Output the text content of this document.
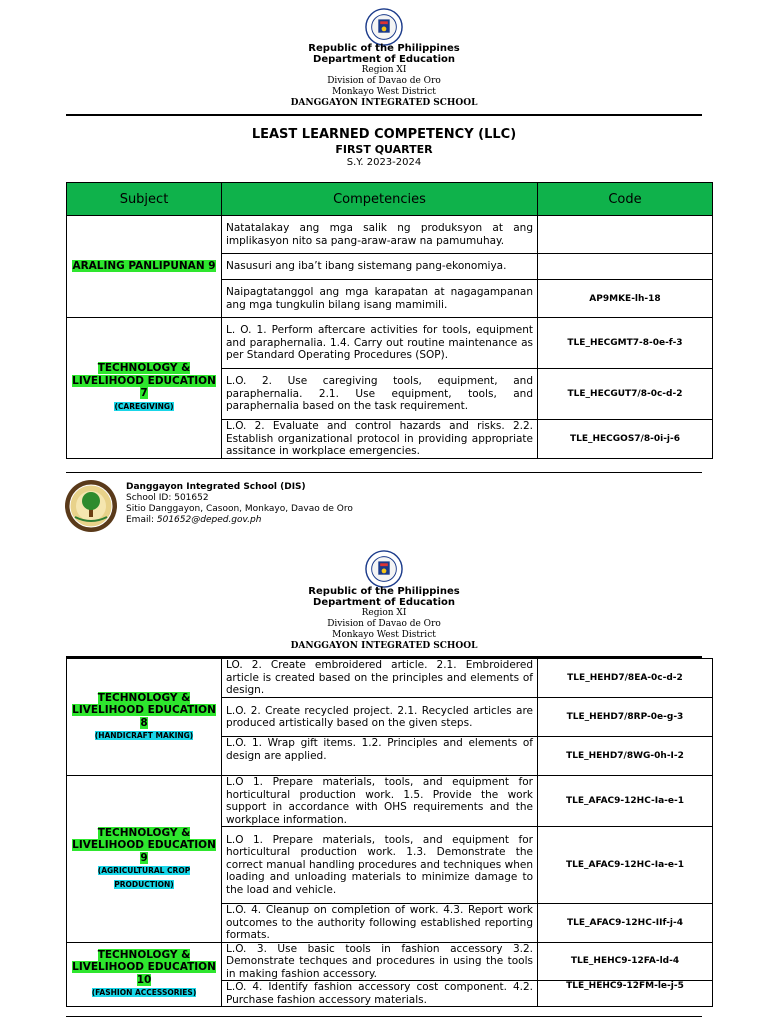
Republic of the Philippines
Department of Education
Region XI
Division of Davao de Oro
Monkayo West District
DANGGAYON INTEGRATED SCHOOL
LEAST LEARNED COMPETENCY (LLC)
FIRST QUARTER
S.Y. 2023-2024
Subject	Competencies	Code
ARALING PANLIPUNAN 9	Natatalakay ang mga salik ng produksyon at ang implikasyon nito sa pang-araw-araw na pamumuhay.	
	Nasusuri ang iba’t ibang sistemang pang-ekonomiya.	
	Naipagtatanggol ang mga karapatan at nagagampanan ang mga tungkulin bilang isang mamimili.	AP9MKE-lh-18
TECHNOLOGY & LIVELIHOOD EDUCATION 7
(CAREGIVING)	L. O. 1. Perform aftercare activities for tools, equipment and paraphernalia. 1.4. Carry out routine maintenance as per Standard Operating Procedures (SOP).	TLE_HECGMT7-8-0e-f-3
	L.O. 2. Use caregiving tools, equipment, and paraphernalia. 2.1. Use equipment, tools, and paraphernalia based on the task requirement.	TLE_HECGUT7/8-0c-d-2
	L.O. 2. Evaluate and control hazards and risks. 2.2. Establish organizational protocol in providing appropriate assitance in workplace emergencies.	TLE_HECGOS7/8-0i-j-6
Danggayon Integrated School (DIS)
School ID: 501652
Sitio Danggayon, Casoon, Monkayo, Davao de Oro
Email: 501652@deped.gov.ph
Republic of the Philippines
Department of Education
Region XI
Division of Davao de Oro
Monkayo West District
DANGGAYON INTEGRATED SCHOOL
TECHNOLOGY & LIVELIHOOD EDUCATION 8
(HANDICRAFT MAKING)	LO. 2. Create embroidered article. 2.1. Embroidered article is created based on the principles and elements of design.	TLE_HEHD7/8EA-0c-d-2
	L.O. 2. Create recycled project. 2.1. Recycled articles are produced artistically based on the given steps.	TLE_HEHD7/8RP-0e-g-3
	L.O. 1. Wrap gift items. 1.2. Principles and elements of design are applied.	TLE_HEHD7/8WG-0h-I-2
TECHNOLOGY & LIVELIHOOD EDUCATION 9
(AGRICULTURAL CROP PRODUCTION)	L.O 1. Prepare materials, tools, and equipment for horticultural production work. 1.5. Provide the work support in accordance with OHS requirements and the workplace information.	TLE_AFAC9-12HC-Ia-e-1
	L.O 1. Prepare materials, tools, and equipment for horticultural production work. 1.3. Demonstrate the correct manual handling procedures and techniques when loading and unloading materials to minimize damage to the load and vehicle.	TLE_AFAC9-12HC-Ia-e-1
	L.O. 4. Cleanup on completion of work. 4.3. Report work outcomes to the authority following established reporting formats.	TLE_AFAC9-12HC-IIf-j-4
TECHNOLOGY & LIVELIHOOD EDUCATION 10
(FASHION ACCESSORIES)	L.O. 3. Use basic tools in fashion accessory 3.2. Demonstrate techques and procedures in using the tools in making fashion accessory.	TLE_HEHC9-12FA-ld-4
	L.O. 4. Identify fashion accessory cost component. 4.2. Purchase fashion accessory materials.	TLE_HEHC9-12FM-le-j-5
